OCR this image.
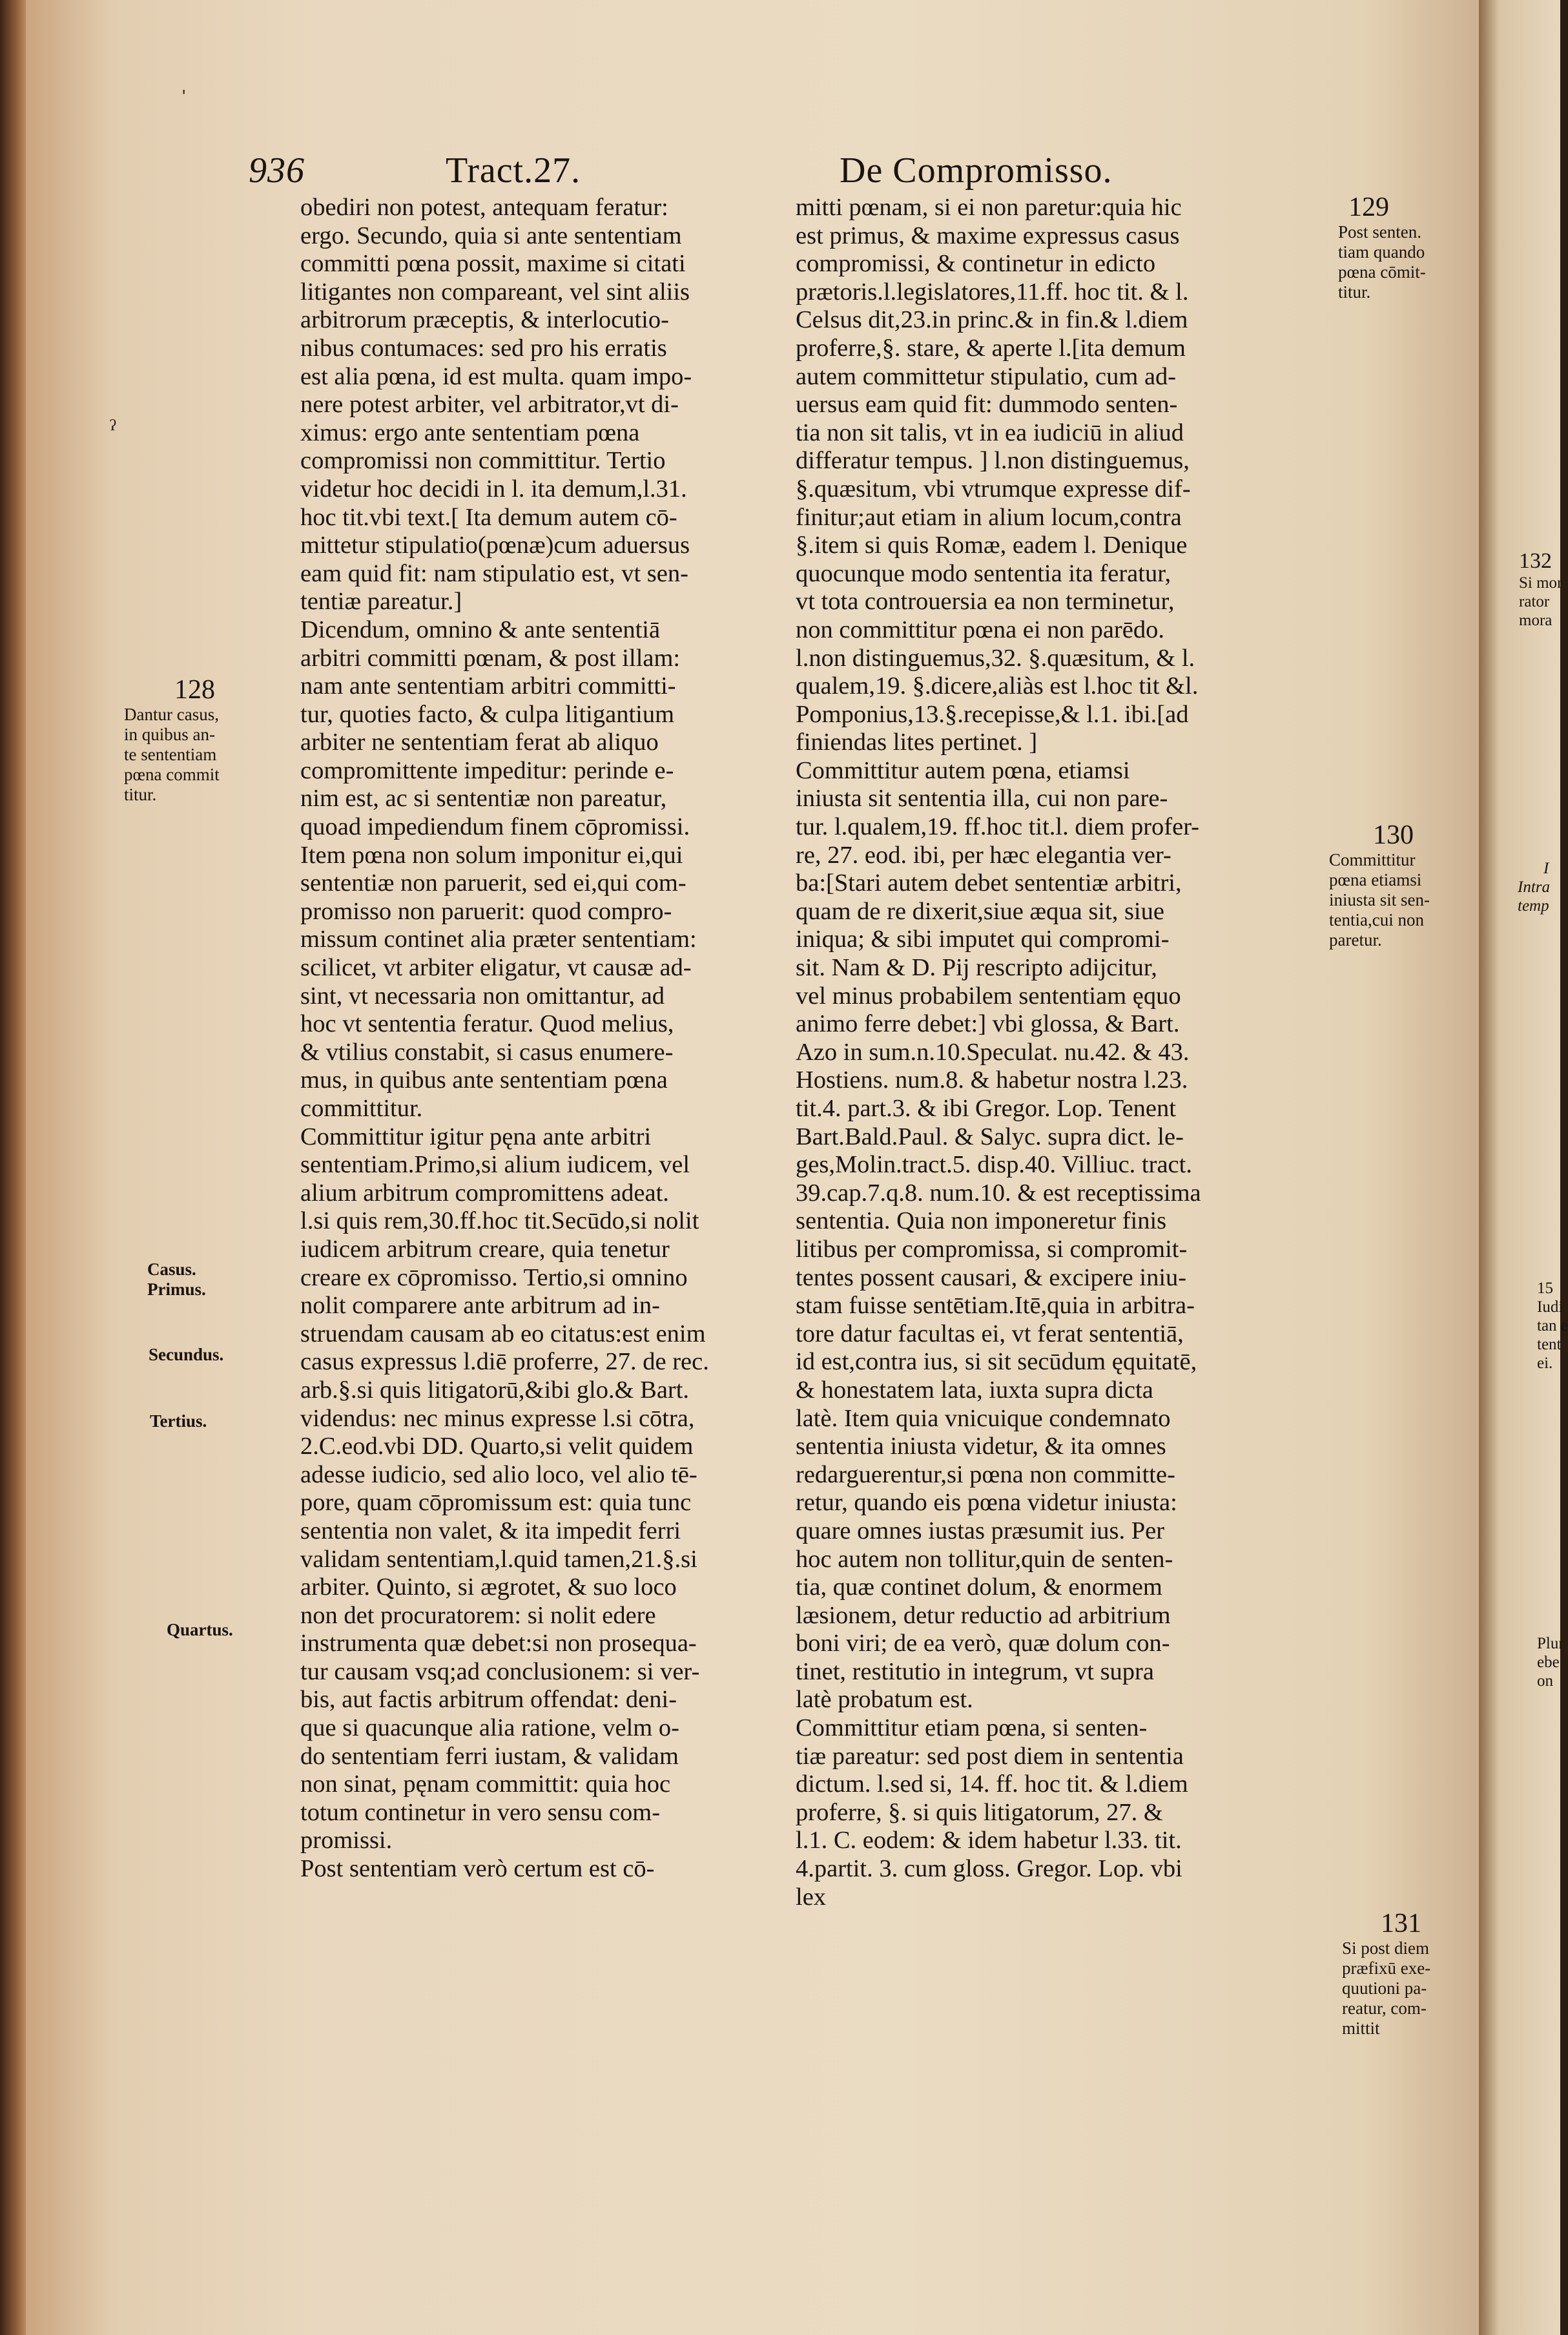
ˌ
ˀ
936	Tract.27.	De Compromisso.

obediri non potest, antequam feratur:

ergo. Secundo, quia si ante sententiam

committi pœna possit, maxime si citati

litigantes non compareant, vel sint aliis

arbitrorum præceptis, & interlocutio-

nibus contumaces: sed pro his erratis

est alia pœna, id est multa. quam impo-

nere potest arbiter, vel arbitrator,vt di-

ximus: ergo ante sententiam pœna

compromissi non committitur. Tertio

videtur hoc decidi in l. ita demum,l.31.

hoc tit.vbi text.[ Ita demum autem cō-

mittetur stipulatio(pœnæ)cum aduersus

eam quid fit: nam stipulatio est, vt sen-

tentiæ pareatur.]

Dicendum, omnino & ante sententiā

arbitri committi pœnam, & post illam:

nam ante sententiam arbitri committi-

tur, quoties facto, & culpa litigantium

arbiter ne sententiam ferat ab aliquo

compromittente impeditur: perinde e-

nim est, ac si sententiæ non pareatur,

quoad impediendum finem cōpromissi.

Item pœna non solum imponitur ei,qui

sententiæ non paruerit, sed ei,qui com-

promisso non paruerit: quod compro-

missum continet alia præter sententiam:

scilicet, vt arbiter eligatur, vt causæ ad-

sint, vt necessaria non omittantur, ad

hoc vt sententia feratur. Quod melius,

& vtilius constabit, si casus enumere-

mus, in quibus ante sententiam pœna

committitur.

Committitur igitur pęna ante arbitri

sententiam.Primo,si alium iudicem, vel

alium arbitrum compromittens adeat.

l.si quis rem,30.ff.hoc tit.Secūdo,si nolit

iudicem arbitrum creare, quia tenetur

creare ex cōpromisso. Tertio,si omnino

nolit comparere ante arbitrum ad in-

struendam causam ab eo citatus:est enim

casus expressus l.diē proferre, 27. de rec.

arb.§.si quis litigatorū,&ibi glo.& Bart.

videndus: nec minus expresse l.si cōtra,

2.C.eod.vbi DD. Quarto,si velit quidem

adesse iudicio, sed alio loco, vel alio tē-

pore, quam cōpromissum est: quia tunc

sententia non valet, & ita impedit ferri

validam sententiam,l.quid tamen,21.§.si

arbiter. Quinto, si ægrotet, & suo loco

non det procuratorem: si nolit edere

instrumenta quæ debet:si non prosequa-

tur causam vsq;ad conclusionem: si ver-

bis, aut factis arbitrum offendat: deni-

que si quacunque alia ratione, velm o-

do sententiam ferri iustam, & validam

non sinat, pęnam committit: quia hoc

totum continetur in vero sensu com-

promissi.

Post sententiam verò certum est cō-

mitti pœnam, si ei non paretur:quia hic

est primus, & maxime expressus casus

compromissi, & continetur in edicto

prætoris.l.legislatores,11.ff. hoc tit. & l.

Celsus dit,23.in princ.& in fin.& l.diem

proferre,§. stare, & aperte l.[ita demum

autem committetur stipulatio, cum ad-

uersus eam quid fit: dummodo senten-

tia non sit talis, vt in ea iudiciū in aliud

differatur tempus. ] l.non distinguemus,

§.quæsitum, vbi vtrumque expresse dif-

finitur;aut etiam in alium locum,contra

§.item si quis Romæ, eadem l. Denique

quocunque modo sententia ita feratur,

vt tota controuersia ea non terminetur,

non committitur pœna ei non parēdo.

l.non distinguemus,32. §.quæsitum, & l.

qualem,19. §.dicere,aliàs est l.hoc tit &l.

Pomponius,13.§.recepisse,& l.1. ibi.[ad

finiendas lites pertinet. ]

Committitur autem pœna, etiamsi

iniusta sit sententia illa, cui non pare-

tur. l.qualem,19. ff.hoc tit.l. diem profer-

re, 27. eod. ibi, per hæc elegantia ver-

ba:[Stari autem debet sententiæ arbitri,

quam de re dixerit,siue æqua sit, siue

iniqua; & sibi imputet qui compromi-

sit. Nam & D. Pij rescripto adijcitur,

vel minus probabilem sententiam ęquo

animo ferre debet:] vbi glossa, & Bart.

Azo in sum.n.10.Speculat. nu.42. & 43.

Hostiens. num.8. & habetur nostra l.23.

tit.4. part.3. & ibi Gregor. Lop. Tenent

Bart.Bald.Paul. & Salyc. supra dict. le-

ges,Molin.tract.5. disp.40. Villiuc. tract.

39.cap.7.q.8. num.10. & est receptissima

sententia. Quia non imponeretur finis

litibus per compromissa, si compromit-

tentes possent causari, & excipere iniu-

stam fuisse sentētiam.Itē,quia in arbitra-

tore datur facultas ei, vt ferat sententiā,

id est,contra ius, si sit secūdum ęquitatē,

& honestatem lata, iuxta supra dicta

latè. Item quia vnicuique condemnato

sententia iniusta videtur, & ita omnes

redarguerentur,si pœna non committe-

retur, quando eis pœna videtur iniusta:

quare omnes iustas præsumit ius. Per

hoc autem non tollitur,quin de senten-

tia, quæ continet dolum, & enormem

læsionem, detur reductio ad arbitrium

boni viri; de ea verò, quæ dolum con-

tinet, restitutio in integrum, vt supra

latè probatum est.

Committitur etiam pœna, si senten-

tiæ pareatur: sed post diem in sententia

dictum. l.sed si, 14. ff. hoc tit. & l.diem

proferre, §. si quis litigatorum, 27. &

l.1. C. eodem: & idem habetur l.33. tit.

4.partit. 3. cum gloss. Gregor. Lop. vbi

lex

128

Dantur casus,

in quibus an-

te sententiam

pœna commit

titur.

129

Post senten.

tiam quando

pœna cōmit-

titur.

130

Committitur

pœna etiamsi

iniusta sit sen-

tentia,cui non

paretur.

131

Si post diem

præfixū exe-

quutioni pa-

reatur, com-

mittit

Casus.

Primus.

Secundus.
Tertius.
Quartus.

132

Si mor

rator

mora

I

Intra

temp

15

Iudi

tan e

tent

ei.

Plur

ebe

on
